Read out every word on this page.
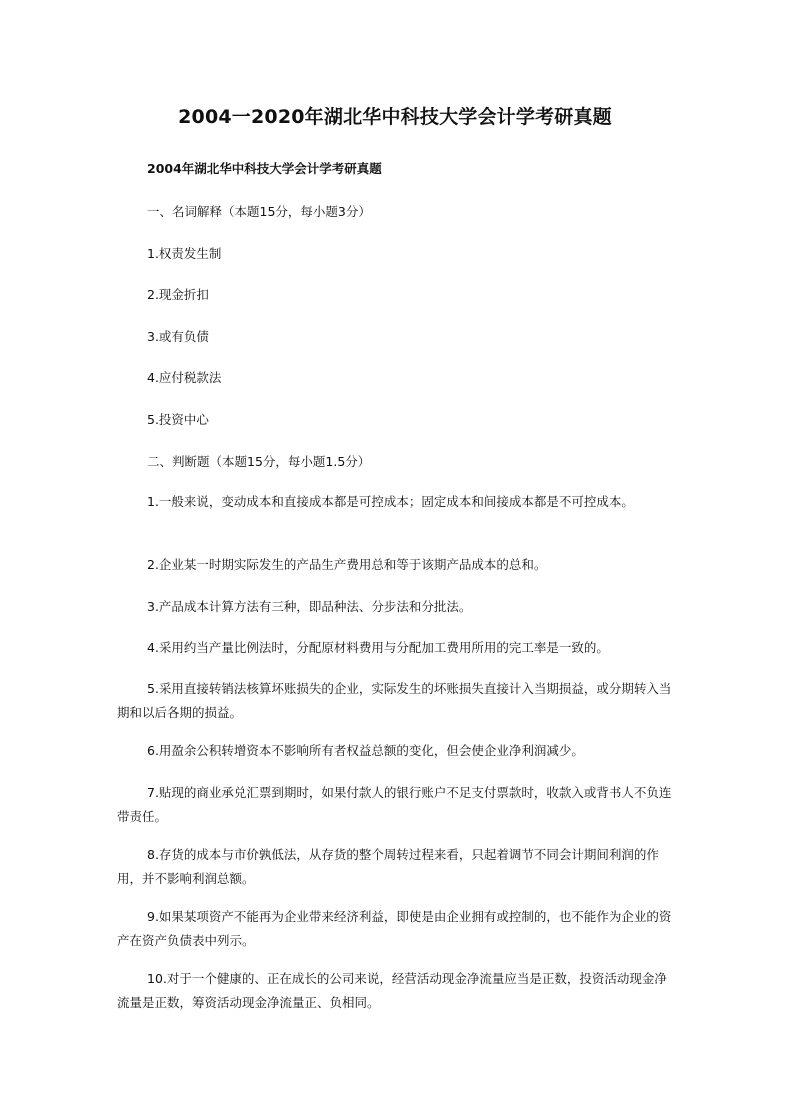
2004一2020年湖北华中科技大学会计学考研真题
2004年湖北华中科技大学会计学考研真题
一、名词解释（本题15分，每小题3分）
1.权责发生制
2.现金折扣
3.或有负债
4.应付税款法
5.投资中心
二、判断题（本题15分，每小题1.5分）
1.一般来说，变动成本和直接成本都是可控成本；固定成本和间接成本都是不可控成本。
2.企业某一时期实际发生的产品生产费用总和等于该期产品成本的总和。
3.产品成本计算方法有三种，即品种法、分步法和分批法。
4.采用约当产量比例法时，分配原材料费用与分配加工费用所用的完工率是一致的。
5.采用直接转销法核算坏账损失的企业，实际发生的坏账损失直接计入当期损益，或分期转入当期和以后各期的损益。
6.用盈余公积转增资本不影响所有者权益总额的变化，但会使企业净利润减少。
7.贴现的商业承兑汇票到期时，如果付款人的银行账户不足支付票款时，收款入或背书人不负连带责任。
8.存货的成本与市价孰低法，从存货的整个周转过程来看，只起着调节不同会计期间利润的作用，并不影响利润总额。
9.如果某项资产不能再为企业带来经济利益，即使是由企业拥有或控制的，也不能作为企业的资产在资产负债表中列示。
10.对于一个健康的、正在成长的公司来说，经营活动现金净流量应当是正数，投资活动现金净流量是正数，筹资活动现金净流量正、负相同。
